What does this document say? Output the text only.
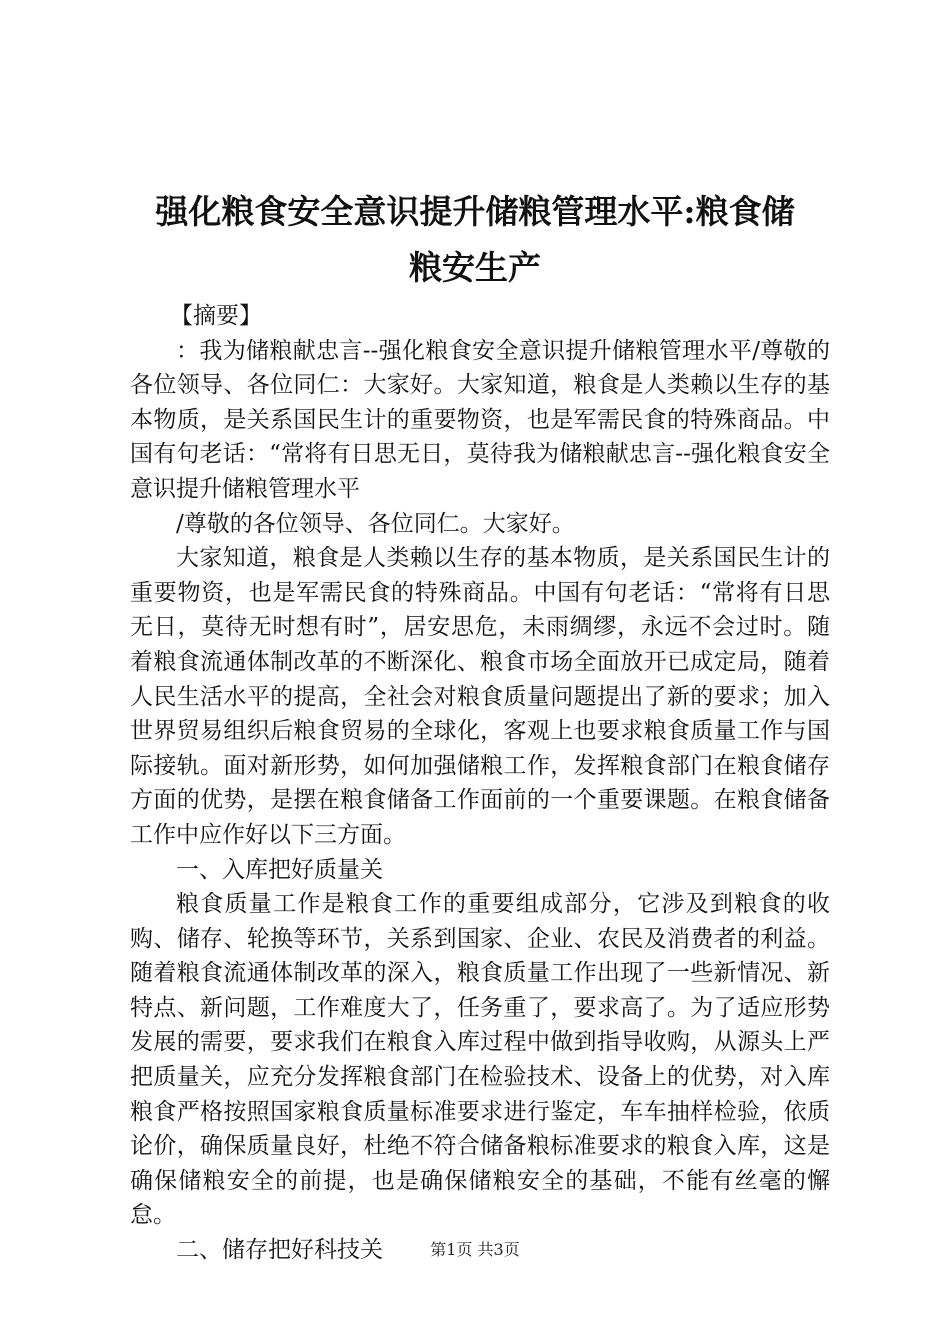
强化粮食安全意识提升储粮管理水平:粮食储
粮安生产

【摘要】

：我为储粮献忠言--强化粮食安全意识提升储粮管理水平/尊敬的各位领导、各位同仁：大家好。大家知道，粮食是人类赖以生存的基本物质，是关系国民生计的重要物资，也是军需民食的特殊商品。中国有句老话：“常将有日思无日，莫待我为储粮献忠言--强化粮食安全意识提升储粮管理水平

/尊敬的各位领导、各位同仁。大家好。

大家知道，粮食是人类赖以生存的基本物质，是关系国民生计的重要物资，也是军需民食的特殊商品。中国有句老话：“常将有日思无日，莫待无时想有时”，居安思危，未雨绸缪，永远不会过时。随着粮食流通体制改革的不断深化、粮食市场全面放开已成定局，随着人民生活水平的提高，全社会对粮食质量问题提出了新的要求；加入世界贸易组织后粮食贸易的全球化，客观上也要求粮食质量工作与国际接轨。面对新形势，如何加强储粮工作，发挥粮食部门在粮食储存方面的优势，是摆在粮食储备工作面前的一个重要课题。在粮食储备工作中应作好以下三方面。

一、入库把好质量关

粮食质量工作是粮食工作的重要组成部分，它涉及到粮食的收购、储存、轮换等环节，关系到国家、企业、农民及消费者的利益。随着粮食流通体制改革的深入，粮食质量工作出现了一些新情况、新特点、新问题，工作难度大了，任务重了，要求高了。为了适应形势发展的需要，要求我们在粮食入库过程中做到指导收购，从源头上严把质量关，应充分发挥粮食部门在检验技术、设备上的优势，对入库粮食严格按照国家粮食质量标准要求进行鉴定，车车抽样检验，依质论价，确保质量良好，杜绝不符合储备粮标准要求的粮食入库，这是确保储粮安全的前提，也是确保储粮安全的基础，不能有丝毫的懈怠。

二、储存把好科技关	第1页 共3页
